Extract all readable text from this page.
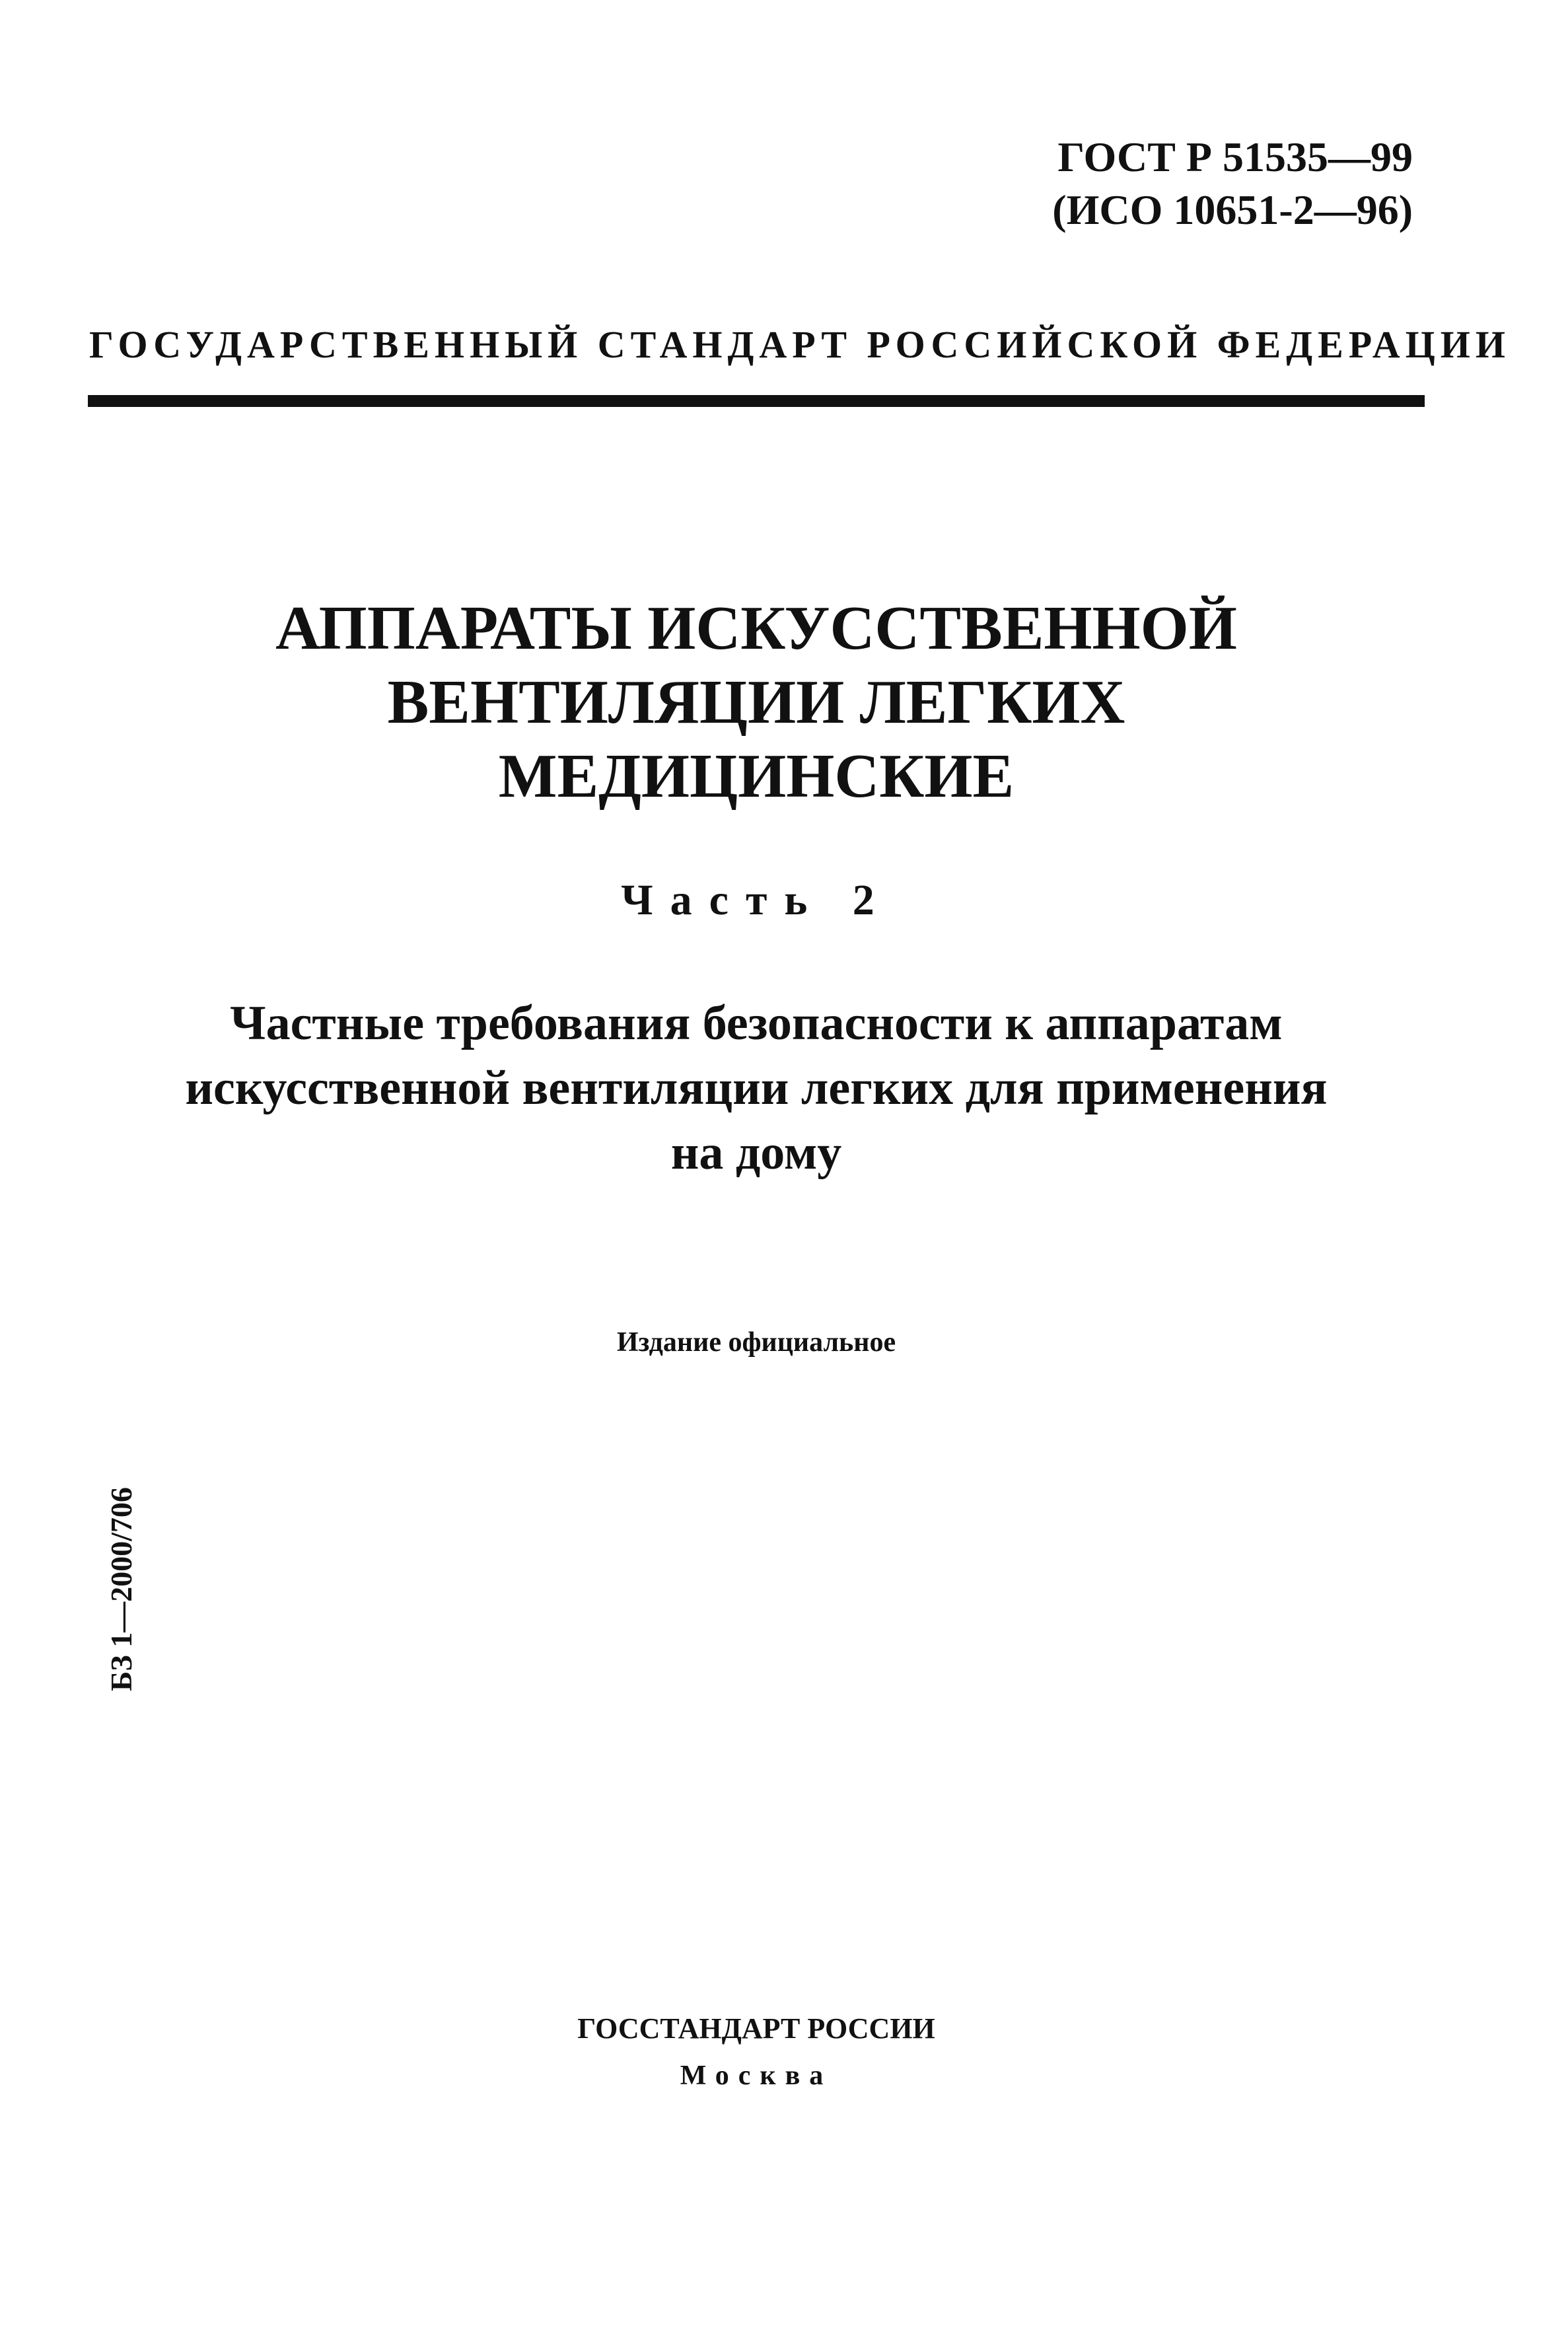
ГОСТ Р 51535—99
(ИСО 10651-2—96)
ГОСУДАРСТВЕННЫЙ СТАНДАРТ РОССИЙСКОЙ ФЕДЕРАЦИИ
АППАРАТЫ ИСКУССТВЕННОЙ
ВЕНТИЛЯЦИИ ЛЕГКИХ
МЕДИЦИНСКИЕ
Часть 2
Частные требования безопасности к аппаратам
искусственной вентиляции легких для применения
на дому
Издание официальное
БЗ 1—2000/706
ГОССТАНДАРТ РОССИИ
Москва
